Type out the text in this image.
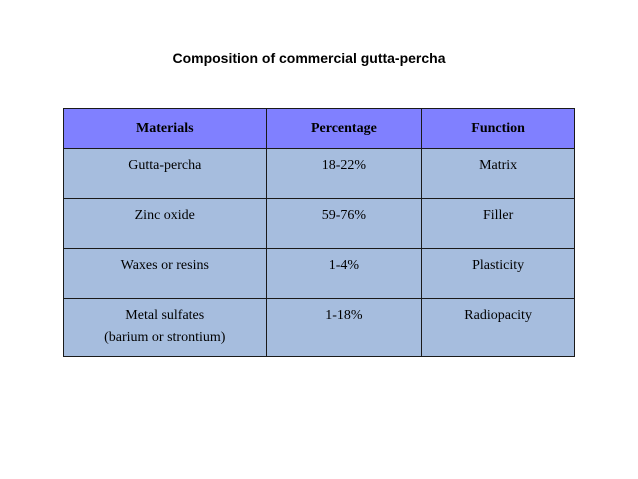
Composition of commercial gutta-percha
Materials	Percentage	Function
Gutta-percha	18-22%	Matrix
Zinc oxide	59-76%	Filler
Waxes or resins	1-4%	Plasticity
Metal sulfates
(barium or strontium)	1-18%	Radiopacity
